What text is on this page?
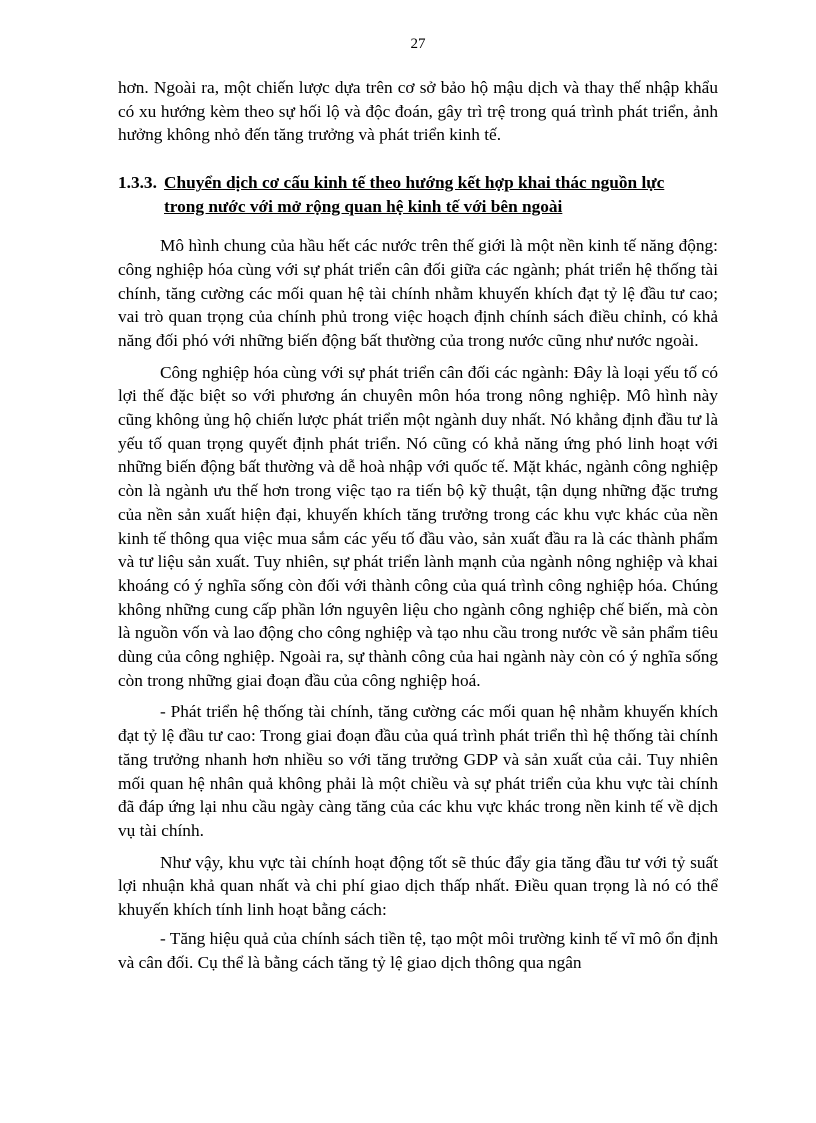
27

hơn. Ngoài ra, một chiến lược dựa trên cơ sở bảo hộ mậu dịch và thay thế nhập khẩu có xu hướng kèm theo sự hối lộ và độc đoán, gây trì trệ trong quá trình phát triển, ảnh hưởng không nhỏ đến tăng trưởng và phát triển kinh tế.

1.3.3. Chuyển dịch cơ cấu kinh tế theo hướng kết hợp khai thác nguồn lực
trong nước với mở rộng quan hệ kinh tế với bên ngoài

Mô hình chung của hầu hết các nước trên thế giới là một nền kinh tế năng động: công nghiệp hóa cùng với sự phát triển cân đối giữa các ngành; phát triển hệ thống tài chính, tăng cường các mối quan hệ tài chính nhằm khuyến khích đạt tỷ lệ đầu tư cao; vai trò quan trọng của chính phủ trong việc hoạch định chính sách điều chỉnh, có khả năng đối phó với những biến động bất thường của trong nước cũng như nước ngoài.

Công nghiệp hóa cùng với sự phát triển cân đối các ngành: Đây là loại yếu tố có lợi thế đặc biệt so với phương án chuyên môn hóa trong nông nghiệp. Mô hình này cũng không ủng hộ chiến lược phát triển một ngành duy nhất. Nó khẳng định đầu tư là yếu tố quan trọng quyết định phát triển. Nó cũng có khả năng ứng phó linh hoạt với những biến động bất thường và dễ hoà nhập với quốc tế. Mặt khác, ngành công nghiệp còn là ngành ưu thế hơn trong việc tạo ra tiến bộ kỹ thuật, tận dụng những đặc trưng của nền sản xuất hiện đại, khuyến khích tăng trưởng trong các khu vực khác của nền kinh tế thông qua việc mua sắm các yếu tố đầu vào, sản xuất đầu ra là các thành phẩm và tư liệu sản xuất. Tuy nhiên, sự phát triển lành mạnh của ngành nông nghiệp và khai khoáng có ý nghĩa sống còn đối với thành công của quá trình công nghiệp hóa. Chúng không những cung cấp phần lớn nguyên liệu cho ngành công nghiệp chế biến, mà còn là nguồn vốn và lao động cho công nghiệp và tạo nhu cầu trong nước về sản phẩm tiêu dùng của công nghiệp. Ngoài ra, sự thành công của hai ngành này còn có ý nghĩa sống còn trong những giai đoạn đầu của công nghiệp hoá.

- Phát triển hệ thống tài chính, tăng cường các mối quan hệ nhằm khuyến khích đạt tỷ lệ đầu tư cao: Trong giai đoạn đầu của quá trình phát triển thì hệ thống tài chính tăng trưởng nhanh hơn nhiều so với tăng trưởng GDP và sản xuất của cải. Tuy nhiên mối quan hệ nhân quả không phải là một chiều và sự phát triển của khu vực tài chính đã đáp ứng lại nhu cầu ngày càng tăng của các khu vực khác trong nền kinh tế về dịch vụ tài chính.

Như vậy, khu vực tài chính hoạt động tốt sẽ thúc đẩy gia tăng đầu tư với tỷ suất lợi nhuận khả quan nhất và chi phí giao dịch thấp nhất. Điều quan trọng là nó có thể khuyến khích tính linh hoạt bằng cách:

- Tăng hiệu quả của chính sách tiền tệ, tạo một môi trường kinh tế vĩ mô ổn định và cân đối. Cụ thể là bằng cách tăng tỷ lệ giao dịch thông qua ngân
